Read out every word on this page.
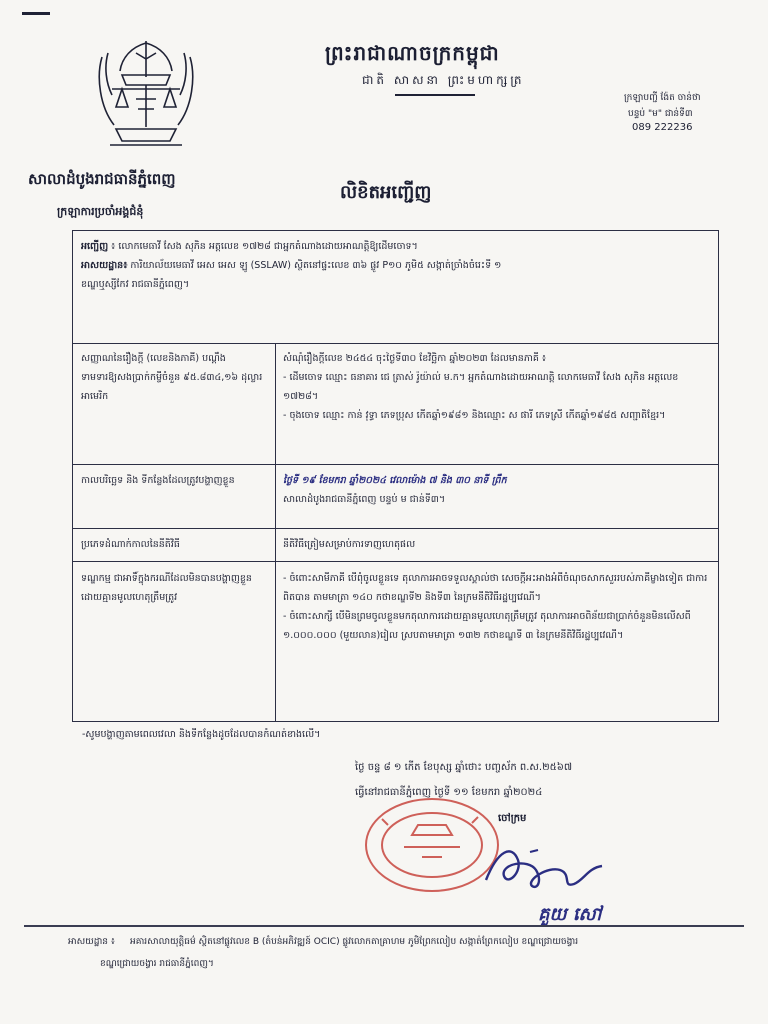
ព្រះរាជាណាចក្រកម្ពុជា
ជាតិ សាសនា ព្រះមហាក្សត្រ
ក្រឡាបញ្ជី ង៉ែត ចាន់ថា
បន្ទប់ "ម" ជាន់ទី៣
089 222236
សាលាដំបូងរាជធានីភ្នំពេញ
ក្រឡាការប្រចាំអង្គជំនុំ
លិខិតអញ្ជើញ
អញ្ជើញ ៖ លោកមេធាវី សែង សុភិន អត្តលេខ ១៧២៨ ជាអ្នកតំណាងដោយអាណត្តិឱ្យដើមចោទ។
អាសយដ្ឋាន៖ ការិយាល័យមេធាវី អេស អេស ឡូ (SSLAW) ស្ថិតនៅផ្ទះលេខ ៣៦ ផ្លូវ P១០ ភូមិ៥ សង្កាត់ច្រាំងចំរេះទី ១
ខណ្ឌឬស្សីកែវ រាជធានីភ្នំពេញ។
សញ្ញាណនៃរឿងក្តី (លេខនិងភាគី) បណ្តឹងទាមទារឱ្យសងប្រាក់កម្ចីចំនួន ៩៥.៨៣៤,១៦ ដុល្លារអាមេរិក
សំណុំរឿងក្តីលេខ ២៤៥៤ ចុះថ្ងៃទី៣០ ខែវិច្ឆិកា ឆ្នាំ២០២៣ ដែលមានភាគី ៖
- ដើមចោទ ឈ្មោះ ធនាគារ ជេ ត្រាស់ រ៉ូយ៉ាល់ ម.ក។ អ្នកតំណាងដោយអាណត្តិ លោកមេធាវី សែង សុភិន អត្តលេខ ១៧២៨។
- ចុងចោទ ឈ្មោះ កាន់ វុទ្ធា ភេទប្រុស កើតឆ្នាំ១៩៨១ និងឈ្មោះ ស ផារី ភេទស្រី កើតឆ្នាំ១៩៨៥ សញ្ជាតិខ្មែរ។
កាលបរិច្ឆេទ និង ទីកន្លែងដែលត្រូវបង្ហាញខ្លួន	ថ្ងៃទី ១៩ ខែមករា ឆ្នាំ២០២៤ វេលាម៉ោង ៧ និង ៣០ នាទី ព្រឹក
សាលាដំបូងរាជធានីភ្នំពេញ បន្ទប់ ម ជាន់ទី៣។
ប្រភេទដំណាក់កាលនៃនីតិវិធី	នីតិវិធីត្រៀមសម្រាប់ការទាញហេតុផល
ទណ្ឌកម្ម ជាអាទិ៍ក្នុងករណីដែលមិនបានបង្ហាញខ្លួនដោយគ្មានមូលហេតុត្រឹមត្រូវ
- ចំពោះសាមីភាគី បើពុំចូលខ្លួនទេ តុលាការអាចទទួលស្គាល់ថា សេចក្តីអះអាងអំពីចំណុចសាកសួររបស់ភាគីម្ខាងទៀត ជាការពិតបាន តាមមាត្រា ១៤០ កថាខណ្ឌទី២ និងទី៣ នៃក្រមនីតិវិធីរដ្ឋប្បវេណី។
- ចំពោះសាក្សី បើមិនព្រមចូលខ្លួនមកតុលាការដោយគ្មានមូលហេតុត្រឹមត្រូវ តុលាការអាចពិន័យជាប្រាក់ចំនួនមិនលើសពី ១.០០០.០០០ (មួយលាន)រៀល ស្របតាមមាត្រា ១៣២ កថាខណ្ឌទី ៣ នៃក្រមនីតិវិធីរដ្ឋប្បវេណី។
-សូមបង្ហាញតាមពេលវេលា និងទីកន្លែងដូចដែលបានកំណត់ខាងលើ។
ថ្ងៃ ចន្ទ ៨ ១ កើត ខែបុស្ស ឆ្នាំថោះ បញ្ចស័ក ព.ស.២៥៦៧
ធ្វើនៅរាជធានីភ្នំពេញ ថ្ងៃទី ១១ ខែមករា ឆ្នាំ២០២៤
ចៅក្រម
គួយ សៅ
អាសយដ្ឋាន ៖ អគារសាលាយុត្តិធម៌ ស្ថិតនៅផ្លូវលេខ B (តំបន់អភិវឌ្ឍន៍ OCIC) ផ្លូវលោកតាគ្រាហម ភូមិព្រែកលៀប សង្កាត់ព្រែកលៀប ខណ្ឌជ្រោយចង្វារ
ខណ្ឌជ្រោយចង្វារ រាជធានីភ្នំពេញ។
